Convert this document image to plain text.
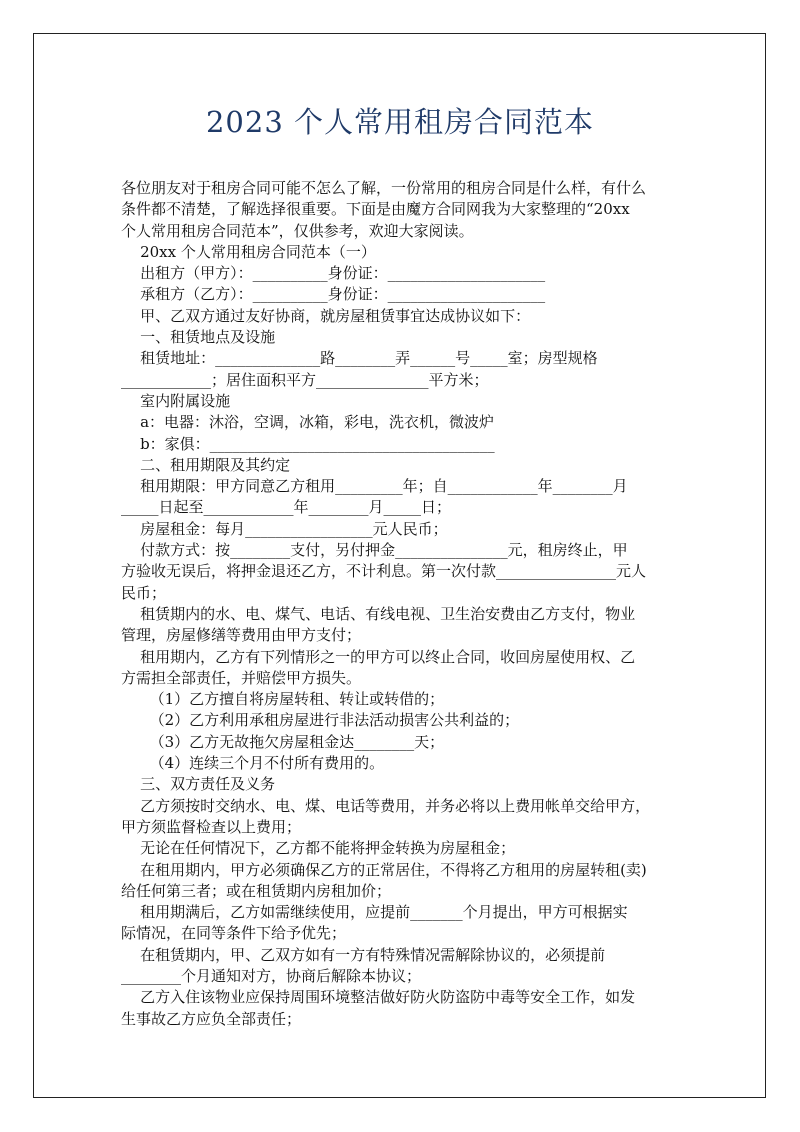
2023 个人常用租房合同范本
各位朋友对于租房合同可能不怎么了解，一份常用的租房合同是什么样，有什么
条件都不清楚，了解选择很重要。下面是由魔方合同网我为大家整理的“20xx
个人常用租房合同范本”，仅供参考，欢迎大家阅读。
20xx 个人常用租房合同范本（一）
出租方（甲方）：__________身份证：_____________________
承租方（乙方）：__________身份证：_____________________
甲、乙双方通过友好协商，就房屋租赁事宜达成协议如下：
一、租赁地点及设施
租赁地址：______________路________弄______号_____室；房型规格
____________；居住面积平方_______________平方米；
室内附属设施
a：电器：沐浴，空调，冰箱，彩电，洗衣机，微波炉
b：家俱：______________________________________
二、租用期限及其约定
租用期限：甲方同意乙方租用_________年；自____________年________月
_____日起至____________年________月_____日；
房屋租金：每月_________________元人民币；
付款方式：按________支付，另付押金_______________元，租房终止，甲
方验收无误后，将押金退还乙方，不计利息。第一次付款________________元人
民币；
租赁期内的水、电、煤气、电话、有线电视、卫生治安费由乙方支付，物业
管理，房屋修缮等费用由甲方支付；
租用期内，乙方有下列情形之一的甲方可以终止合同，收回房屋使用权、乙
方需担全部责任，并赔偿甲方损失。
（1）乙方擅自将房屋转租、转让或转借的；
（2）乙方利用承租房屋进行非法活动损害公共利益的；
（3）乙方无故拖欠房屋租金达________天；
（4）连续三个月不付所有费用的。
三、双方责任及义务
乙方须按时交纳水、电、煤、电话等费用，并务必将以上费用帐单交给甲方，
甲方须监督检查以上费用；
无论在任何情况下，乙方都不能将押金转换为房屋租金；
在租用期内，甲方必须确保乙方的正常居住，不得将乙方租用的房屋转租(卖)
给任何第三者；或在租赁期内房租加价；
租用期满后，乙方如需继续使用，应提前_______个月提出，甲方可根据实
际情况，在同等条件下给予优先；
在租赁期内，甲、乙双方如有一方有特殊情况需解除协议的，必须提前
________个月通知对方，协商后解除本协议；
乙方入住该物业应保持周围环境整洁做好防火防盗防中毒等安全工作，如发
生事故乙方应负全部责任；
